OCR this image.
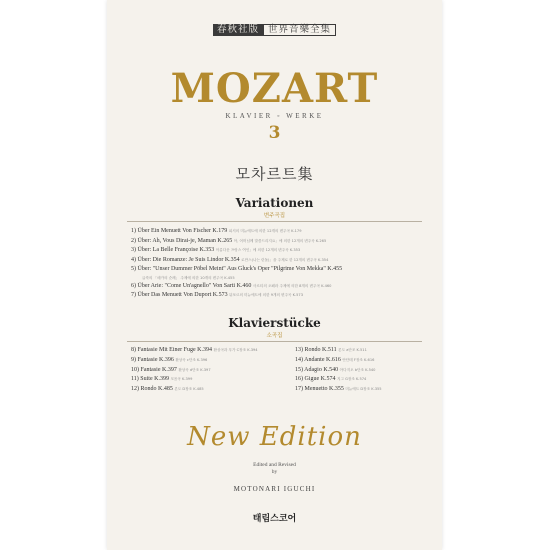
春秋社版 世界音樂全集
MOZART
KLAVIER ◦ WERKE
3
모차르트集
Variationen
변주곡집
1) Über Ein Menuett Von Fischer K.179 피셔의 미뉴에트에 의한 12개의 변주곡 K.179
2) Über: Ah, Vous Dirai-je, Maman K.265 아, 어머님께 말씀드리지요」에 의한 12개의 변주곡 K.265
3) Über: La Belle Françoise K.353 아름다운 프랑스 여인」에 의한 12개의 변주곡 K.353
4) Über: Die Romanze: Je Suis Lindor K.354 로만스(나는 린돌)」을 주제로 한 12개의 변주곡 K.354
5) Über: "Unser Dummer Pöbel Meint" Aus Gluck's Oper "Pilgrime Von Mekka" K.455
글룩의 「메카의 순례」 주제에 의한 10개의 변주곡 K.455
6) Über Arie: "Come Un'agnello" Von Sarti K.460 사르티의 오페라 주제에 의한 8개의 변주곡 K.460
7) Über Das Menuett Von Duport K.573 뒤포르의 미뉴에트에 의한 9개의 변주곡 K.573
Klavierstücke
소곡집
8) Fantasie Mit Einer Fuge K.394 환상곡과 푸가 C장조 K.394
9) Fantasie K.396 환상곡 c단조 K.396
10) Fantasie K.397 환상곡 d단조 K.397
11) Suite K.399 모음곡 K.399
12) Rondo K.485 론도 D장조 K.485
13) Rondo K.511 론도 a단조 K.511
14) Andante K.616 안단테 F장조 K.616
15) Adagio K.540 아다지오 b단조 K.540
16) Gigue K.574 지그 G장조 K.574
17) Menuetto K.355 미뉴에트 D장조 K.355
New Edition
Edited and Revised
by
MOTONARI IGUCHI
태림스코어
